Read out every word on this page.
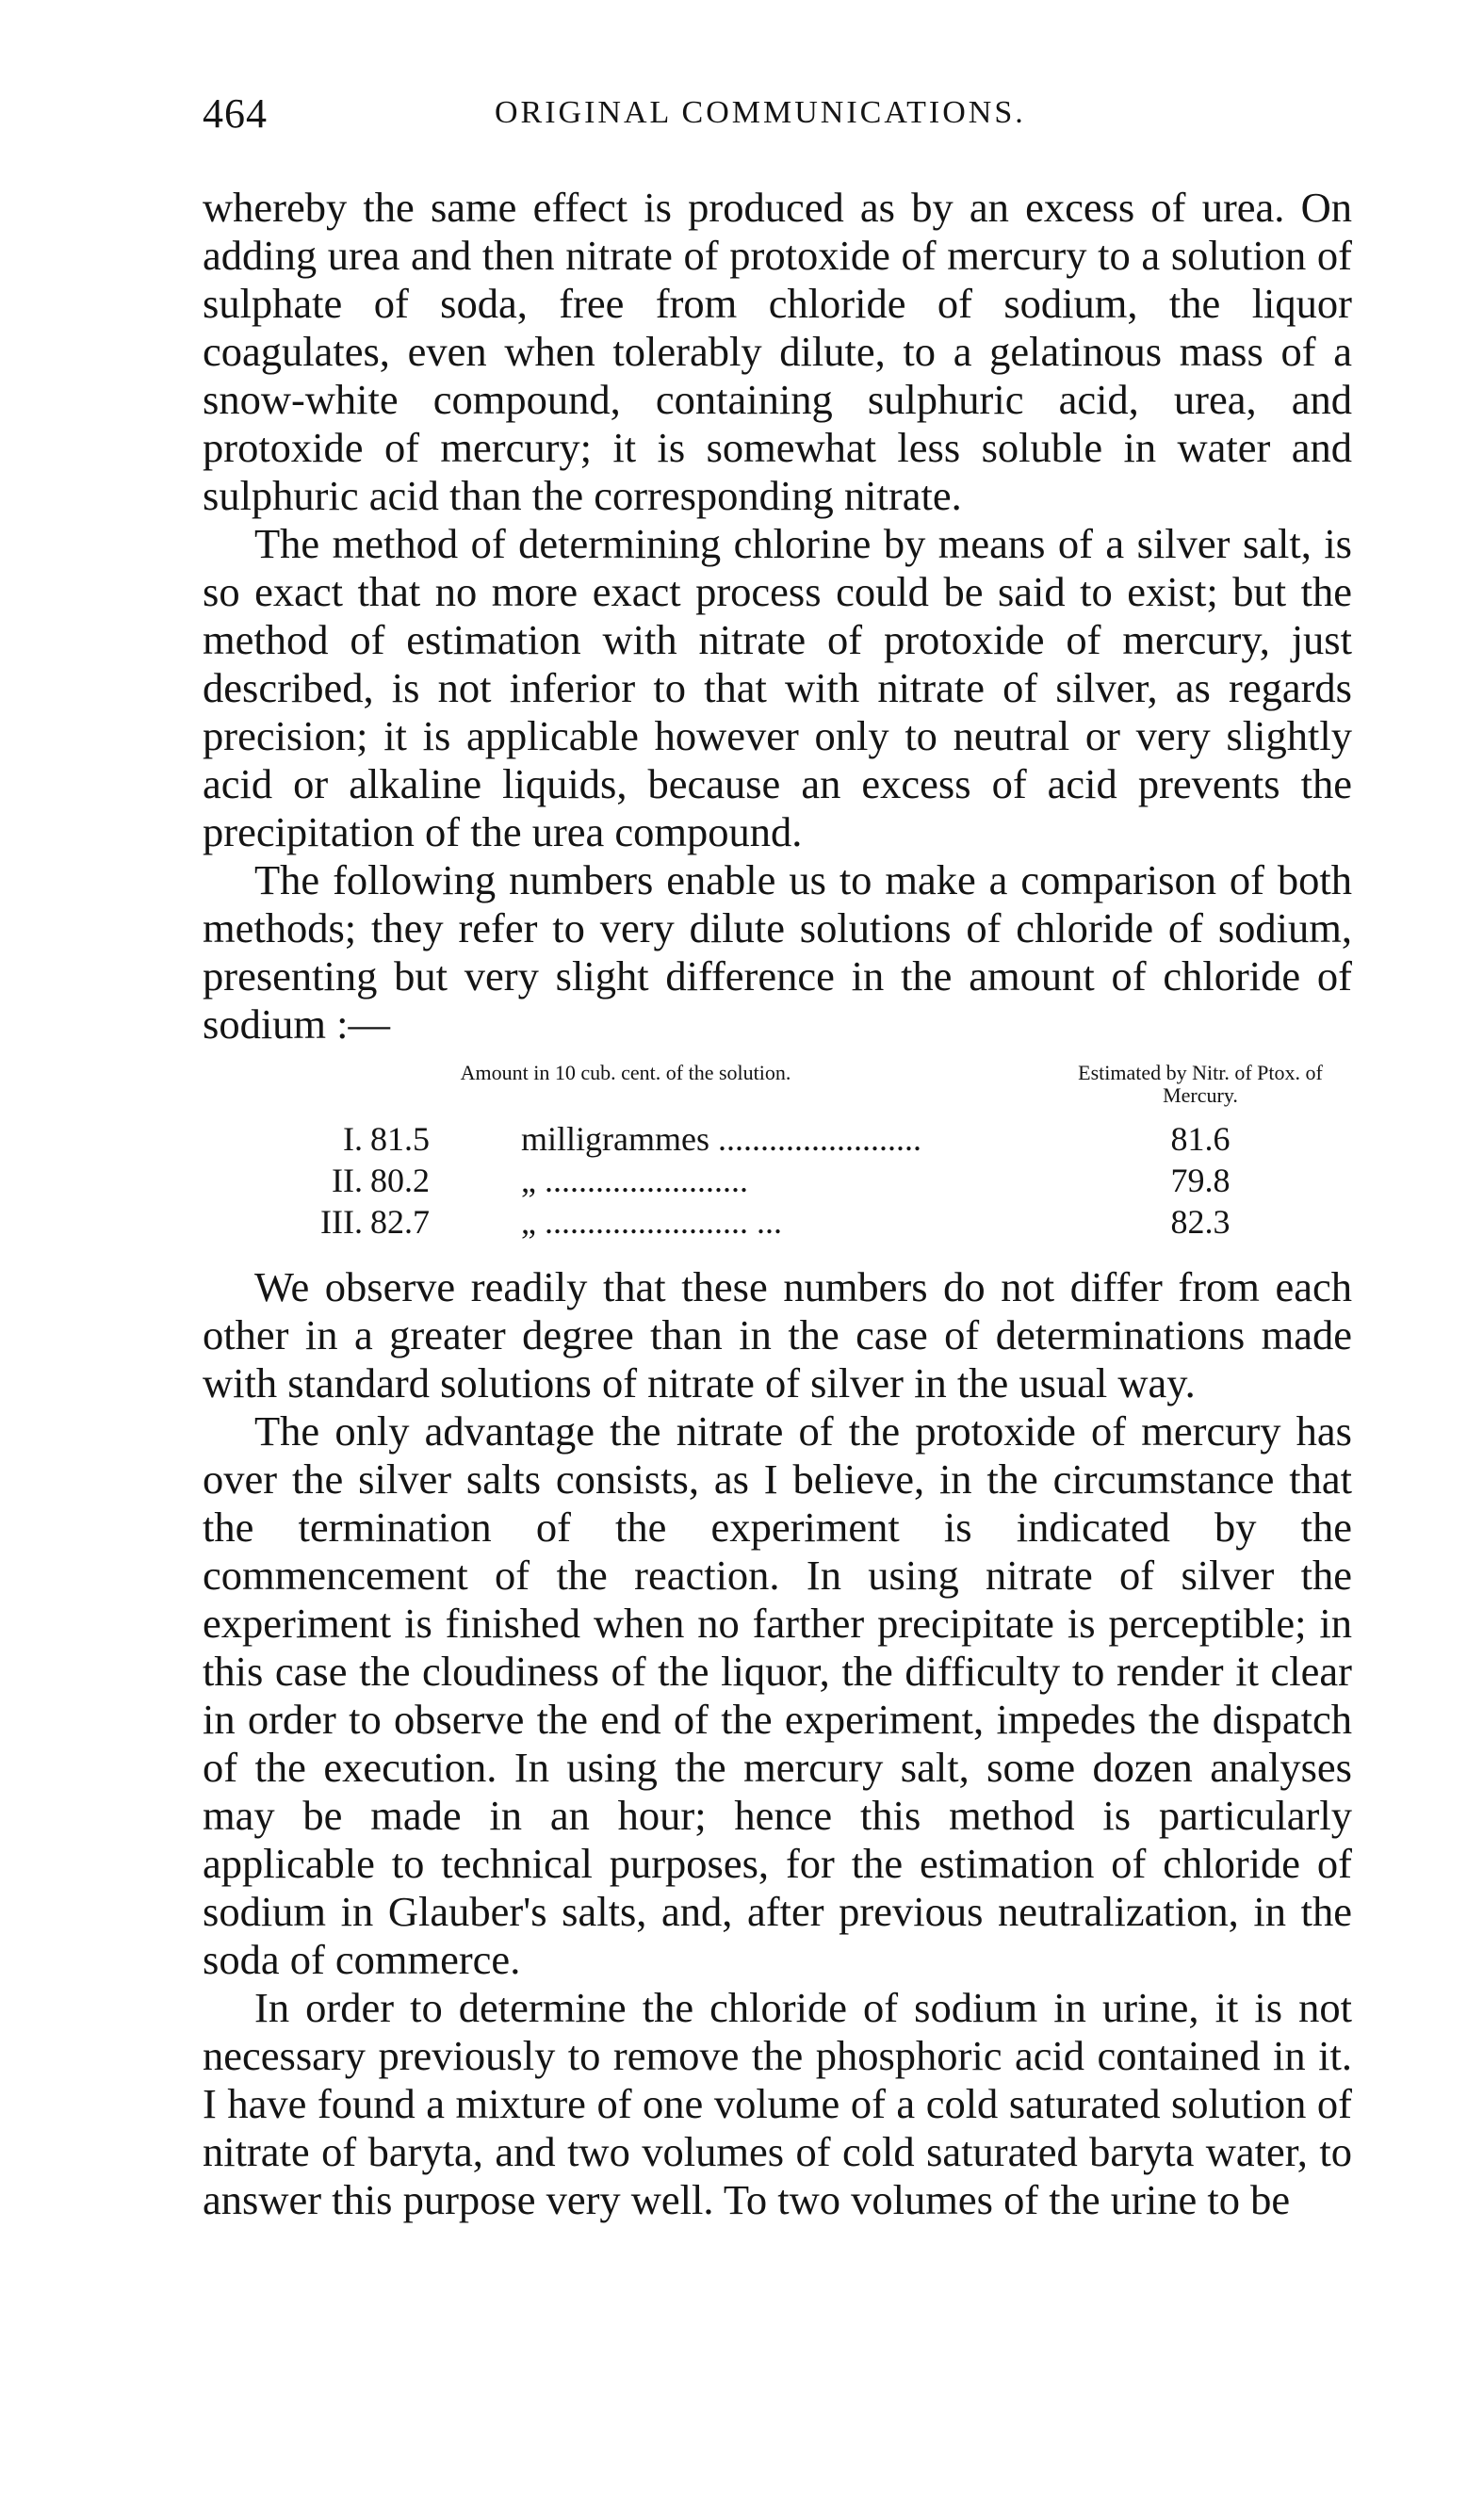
464	ORIGINAL COMMUNICATIONS.

whereby the same effect is produced as by an excess of urea. On adding urea and then nitrate of protoxide of mercury to a solution of sulphate of soda, free from chloride of sodium, the liquor coagulates, even when tolerably dilute, to a gelatinous mass of a snow-white compound, containing sulphuric acid, urea, and protoxide of mercury; it is somewhat less soluble in water and sulphuric acid than the corresponding nitrate.

The method of determining chlorine by means of a silver salt, is so exact that no more exact process could be said to exist; but the method of estimation with nitrate of protoxide of mercury, just described, is not inferior to that with nitrate of silver, as regards precision; it is applicable however only to neutral or very slightly acid or alkaline liquids, because an excess of acid prevents the precipitation of the urea compound.

The following numbers enable us to make a comparison of both methods; they refer to very dilute solutions of chloride of sodium, presenting but very slight difference in the amount of chloride of sodium :—

Amount in 10 cub. cent. of the solution.			Estimated by Nitr. of Ptox. of Mercury.
I.	81.5	milligrammes ........................	81.6
II.	80.2	„ ........................	79.8
III.	82.7	„ ........................ ...	82.3

We observe readily that these numbers do not differ from each other in a greater degree than in the case of determinations made with standard solutions of nitrate of silver in the usual way.

The only advantage the nitrate of the protoxide of mercury has over the silver salts consists, as I believe, in the circumstance that the termination of the experiment is indicated by the commencement of the reaction. In using nitrate of silver the experiment is finished when no farther precipitate is perceptible; in this case the cloudiness of the liquor, the difficulty to render it clear in order to observe the end of the experiment, impedes the dispatch of the execution. In using the mercury salt, some dozen analyses may be made in an hour; hence this method is particularly applicable to technical purposes, for the estimation of chloride of sodium in Glauber's salts, and, after previous neutralization, in the soda of commerce.

In order to determine the chloride of sodium in urine, it is not necessary previously to remove the phosphoric acid contained in it. I have found a mixture of one volume of a cold saturated solution of nitrate of baryta, and two volumes of cold saturated baryta water, to answer this purpose very well. To two volumes of the urine to be
